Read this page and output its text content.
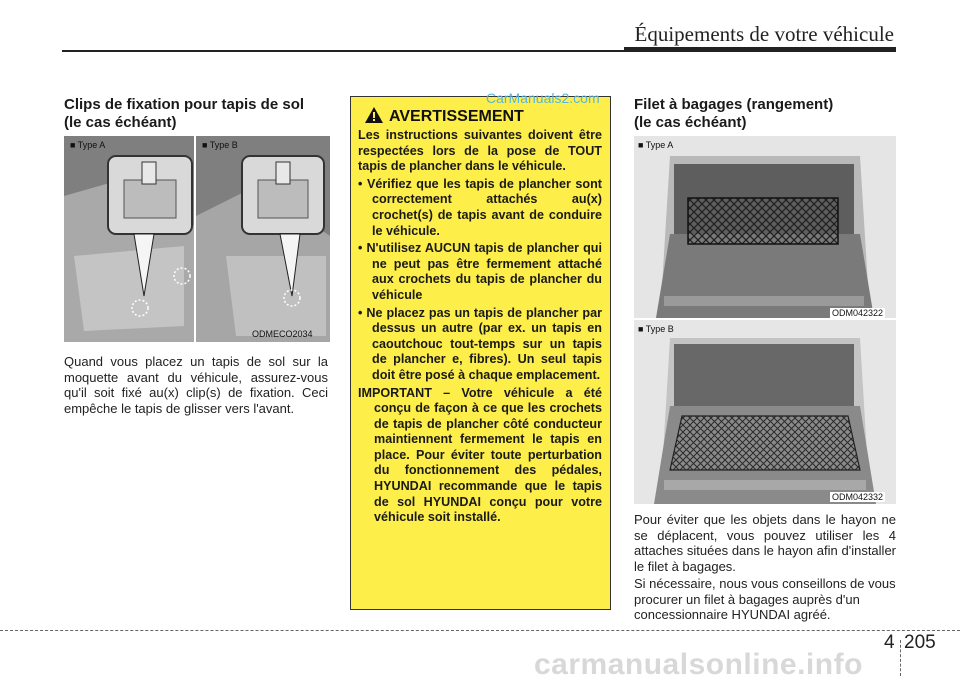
Équipements de votre véhicule
Clips de fixation pour tapis de sol
(le cas échéant)
■ Type A	■ Type B
ODMECO2034
Quand vous placez un tapis de sol sur la moquette avant du véhicule, assurez-vous qu'il soit fixé au(x) clip(s) de fixation. Ceci empêche le tapis de glisser vers l'avant.
AVERTISSEMENT
CarManuals2.com

Les instructions suivantes doivent être respectées lors de la pose de TOUT tapis de plancher dans le véhicule.

• Vérifiez que les tapis de plancher sont correctement attachés au(x) crochet(s) de tapis avant de conduire le véhicule.

• N'utilisez AUCUN tapis de plancher qui ne peut pas être fermement attaché aux crochets du tapis de plancher du véhicule

• Ne placez pas un tapis de plancher par dessus un autre (par ex. un tapis en caoutchouc tout-temps sur un tapis de plancher e, fibres). Un seul tapis doit être posé à chaque emplacement.

IMPORTANT – Votre véhicule a été conçu de façon à ce que les crochets de tapis de plancher côté conducteur maintiennent fermement le tapis en place. Pour éviter toute perturbation du fonctionnement des pédales, HYUNDAI recommande que le tapis de sol HYUNDAI conçu pour votre véhicule soit installé.

Filet à bagages (rangement)
(le cas échéant)
■ Type A
ODM042322
■ Type B
ODM042332
Pour éviter que les objets dans le hayon ne se déplacent, vous pouvez utiliser les 4 attaches situées dans le hayon afin d'installer le filet à bagages.
Si nécessaire, nous vous conseillons de vous procurer un filet à bagages auprès d'un concessionnaire HYUNDAI agréé.
4 205
carmanualsonline.info
